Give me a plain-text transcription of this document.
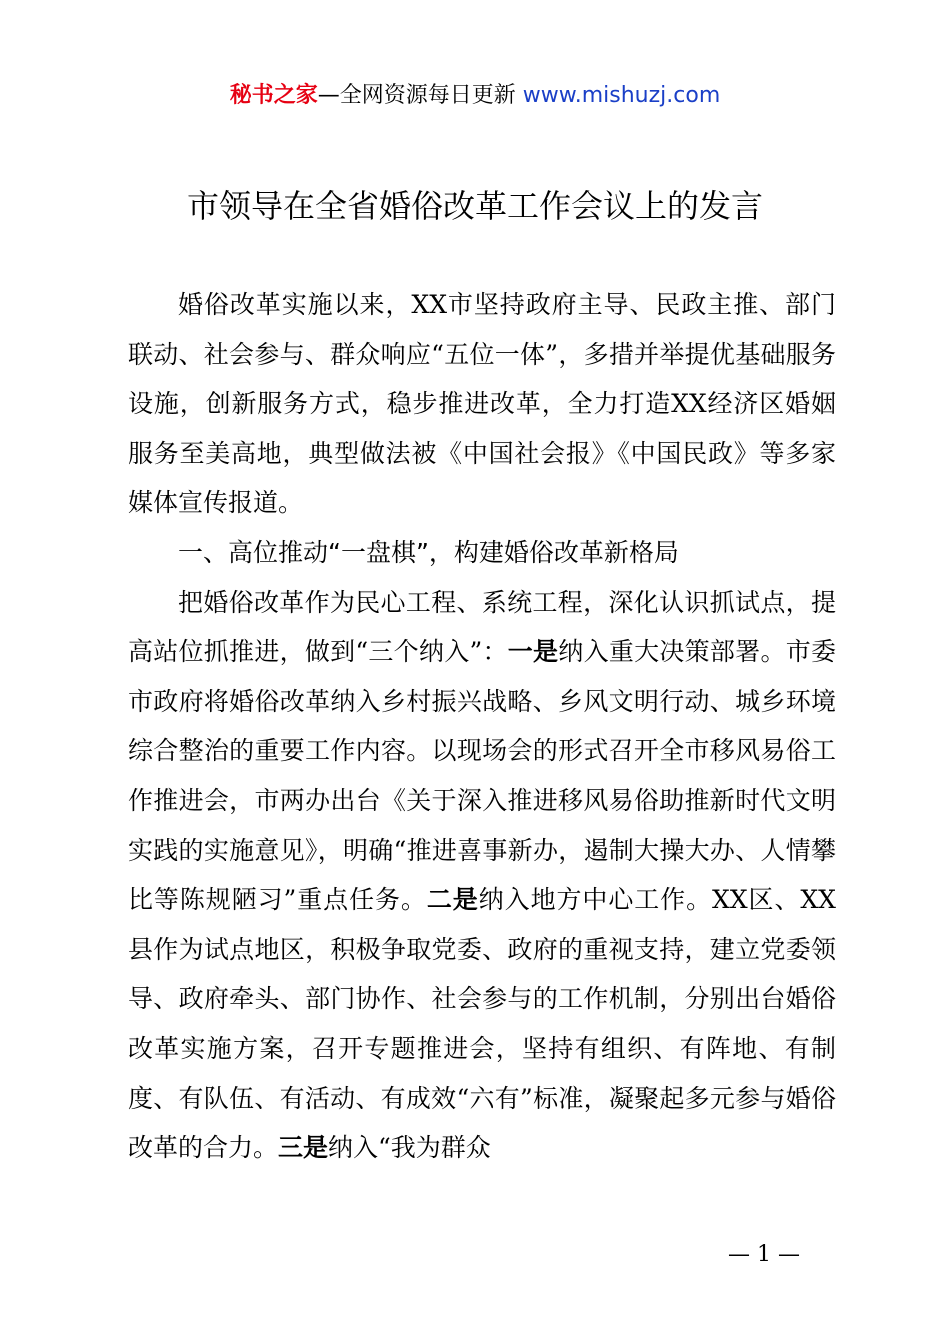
秘书之家—全网资源每日更新 www.mishuzj.com
市领导在全省婚俗改革工作会议上的发言

婚俗改革实施以来，XX市坚持政府主导、民政主推、部门联动、社会参与、群众响应“五位一体”，多措并举提优基础服务设施，创新服务方式，稳步推进改革，全力打造XX经济区婚姻服务至美高地，典型做法被《中国社会报》《中国民政》等多家媒体宣传报道。

一、高位推动“一盘棋”，构建婚俗改革新格局

把婚俗改革作为民心工程、系统工程，深化认识抓试点，提高站位抓推进，做到“三个纳入”：一是纳入重大决策部署。市委市政府将婚俗改革纳入乡村振兴战略、乡风文明行动、城乡环境综合整治的重要工作内容。以现场会的形式召开全市移风易俗工作推进会，市两办出台《关于深入推进移风易俗助推新时代文明实践的实施意见》，明确“推进喜事新办，遏制大操大办、人情攀比等陈规陋习”重点任务。二是纳入地方中心工作。XX区、XX县作为试点地区，积极争取党委、政府的重视支持，建立党委领导、政府牵头、部门协作、社会参与的工作机制，分别出台婚俗改革实施方案，召开专题推进会，坚持有组织、有阵地、有制度、有队伍、有活动、有成效“六有”标准，凝聚起多元参与婚俗改革的合力。三是纳入“我为群众

— 1 —
